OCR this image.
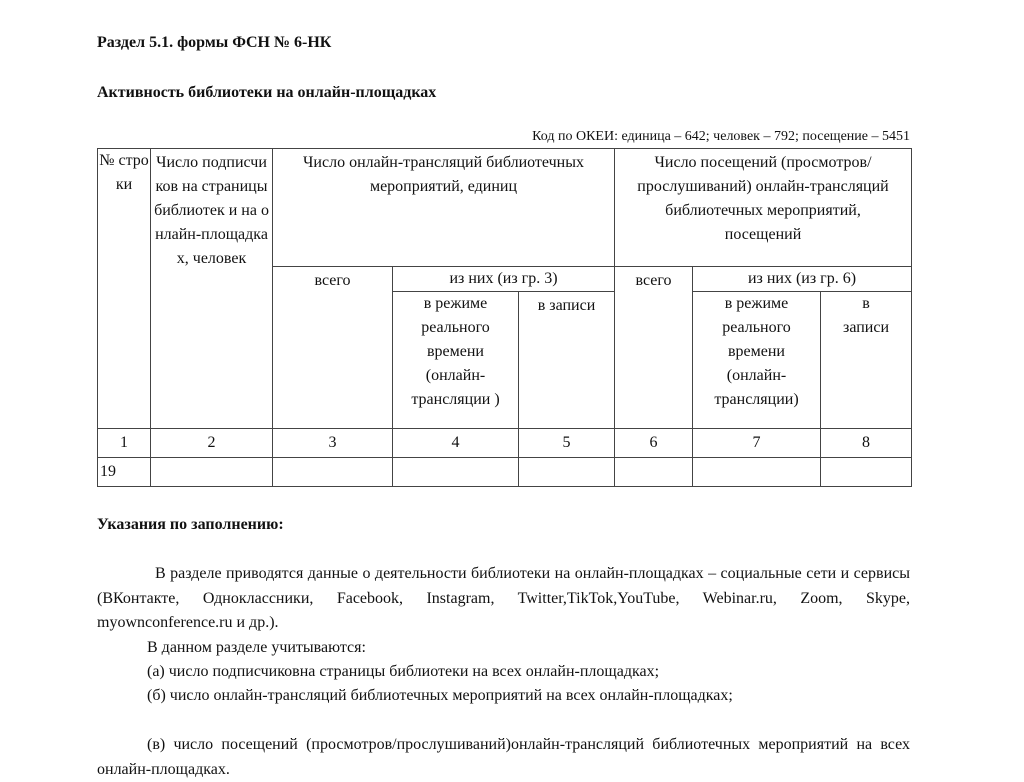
Раздел 5.1. формы ФСН № 6-НК
Активность библиотеки на онлайн-площадках
Код по ОКЕИ: единица – 642; человек – 792; посещение – 5451
№ строки	Число подписчиков на страницы библиотек и на онлайн-площадках, человек	Число онлайн-трансляций библиотечных мероприятий, единиц			Число посещений (просмотров/прослушиваний) онлайн-трансляций библиотечных мероприятий, посещений		
		всего	из них (из гр. 3)		всего	из них (из гр. 6)	
			в режиме реального времени (онлайн-трансляции )	в записи		в режиме реального времени (онлайн-трансляции)	в записи
1	2	3	4	5	6	7	8
19							
Указания по заполнению:
В разделе приводятся данные о деятельности библиотеки на онлайн-площадках – социальные сети и сервисы (ВКонтакте, Одноклассники, Facebook, Instagram, Twitter,TikTok,YouTube, Webinar.ru, Zoom, Skype, myownconference.ru и др.).
В данном разделе учитываются:
(а) число подписчиковна страницы библиотеки на всех онлайн-площадках;
(б) число онлайн-трансляций библиотечных мероприятий на всех онлайн-площадках;
(в) число посещений (просмотров/прослушиваний)онлайн-трансляций библиотечных мероприятий на всех онлайн-площадках.
